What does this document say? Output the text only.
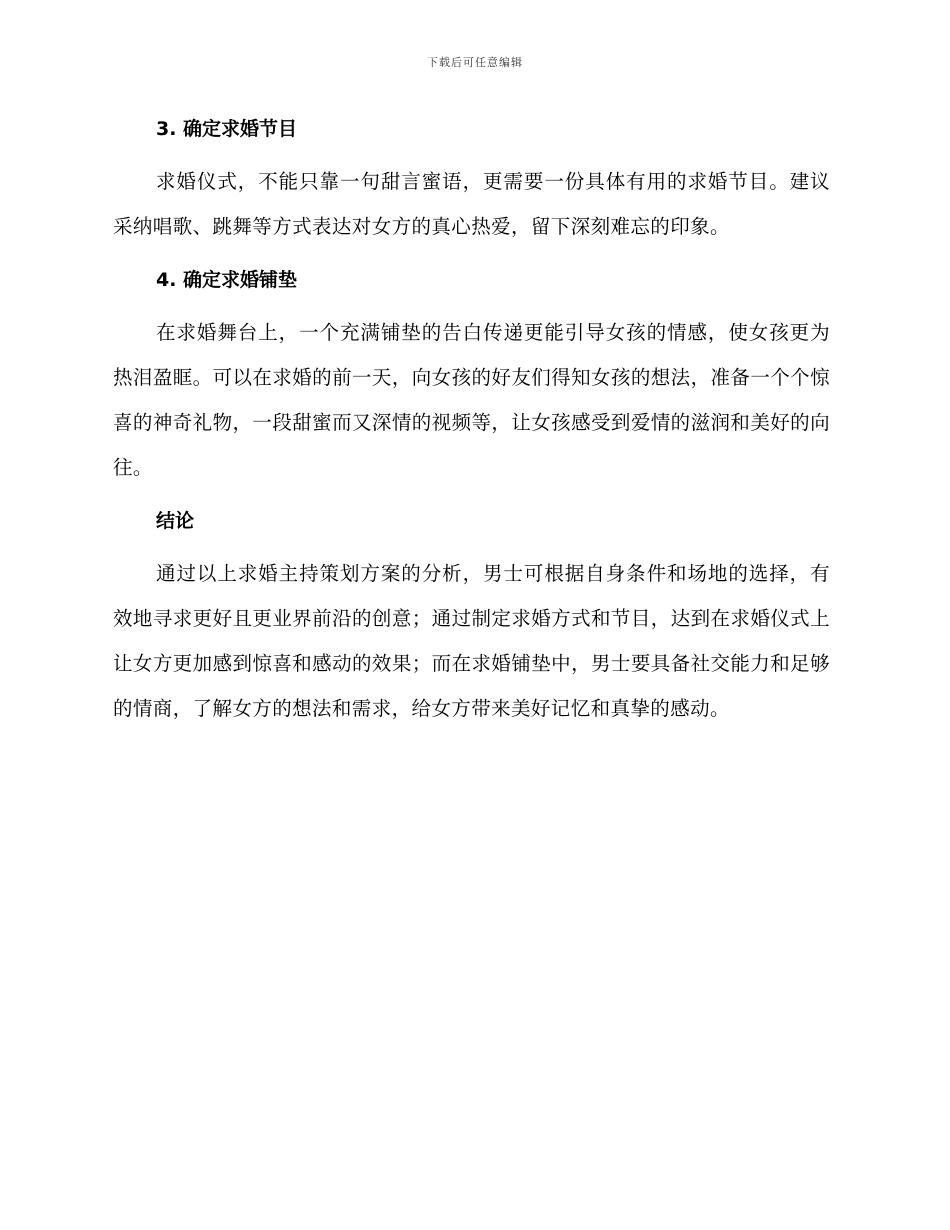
下载后可任意编辑
3. 确定求婚节目

求婚仪式，不能只靠一句甜言蜜语，更需要一份具体有用的求婚节目。建议采纳唱歌、跳舞等方式表达对女方的真心热爱，留下深刻难忘的印象。

4. 确定求婚铺垫

在求婚舞台上，一个充满铺垫的告白传递更能引导女孩的情感，使女孩更为热泪盈眶。可以在求婚的前一天，向女孩的好友们得知女孩的想法，准备一个个惊喜的神奇礼物，一段甜蜜而又深情的视频等，让女孩感受到爱情的滋润和美好的向往。

结论

通过以上求婚主持策划方案的分析，男士可根据自身条件和场地的选择，有效地寻求更好且更业界前沿的创意；通过制定求婚方式和节目，达到在求婚仪式上让女方更加感到惊喜和感动的效果；而在求婚铺垫中，男士要具备社交能力和足够的情商，了解女方的想法和需求，给女方带来美好记忆和真挚的感动。
